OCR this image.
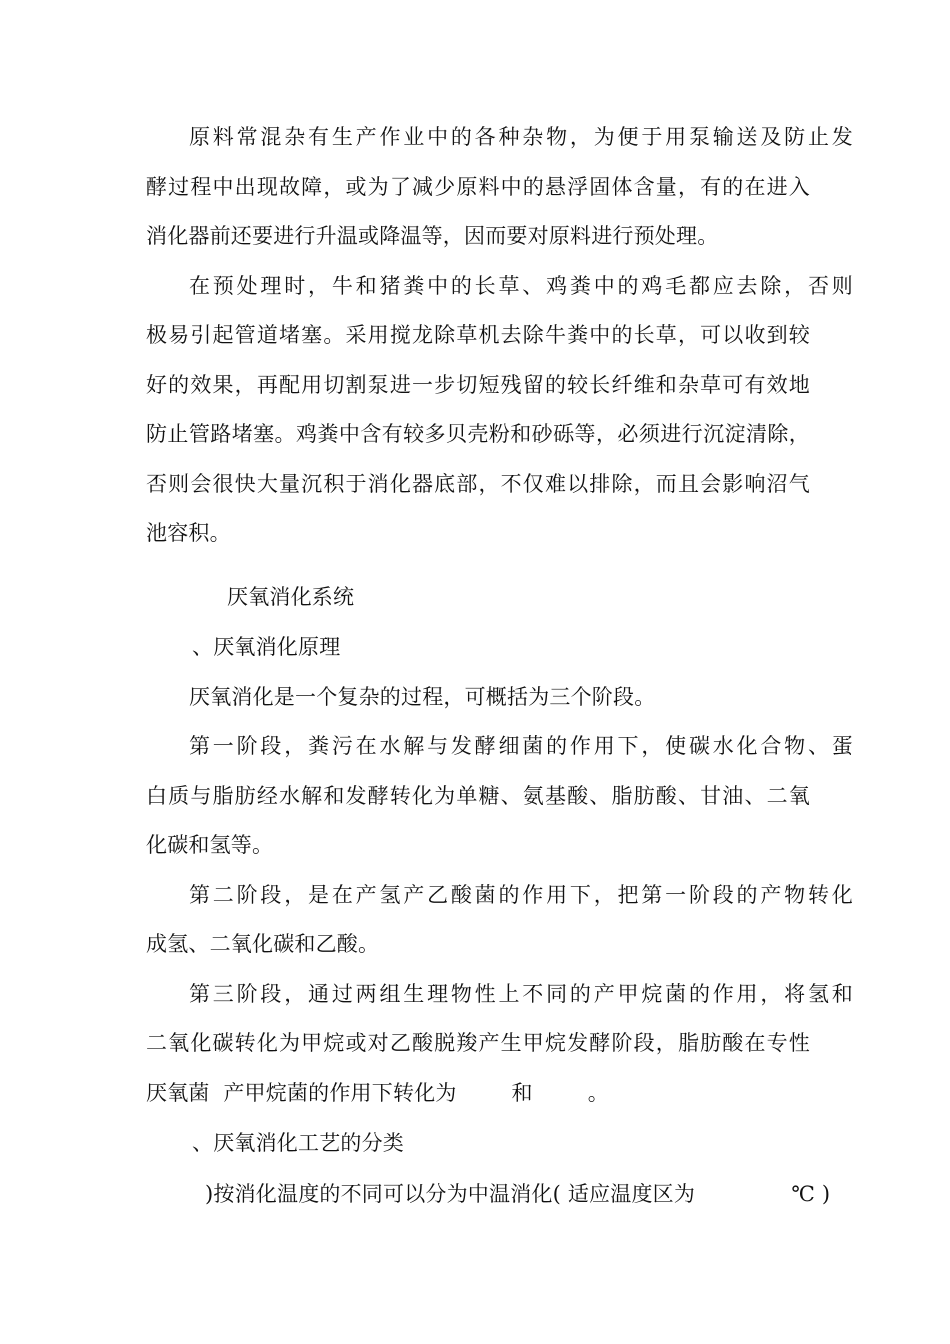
原料常混杂有生产作业中的各种杂物，为便于用泵输送及防止发
酵过程中出现故障，或为了减少原料中的悬浮固体含量，有的在进入
消化器前还要进行升温或降温等，因而要对原料进行预处理。
在预处理时，牛和猪粪中的长草、鸡粪中的鸡毛都应去除，否则
极易引起管道堵塞。采用搅龙除草机去除牛粪中的长草，可以收到较
好的效果，再配用切割泵进一步切短残留的较长纤维和杂草可有效地
防止管路堵塞。鸡粪中含有较多贝壳粉和砂砾等，必须进行沉淀清除，
否则会很快大量沉积于消化器底部，不仅难以排除，而且会影响沼气
池容积。
厌氧消化系统
、厌氧消化原理
厌氧消化是一个复杂的过程，可概括为三个阶段。
第一阶段，粪污在水解与发酵细菌的作用下，使碳水化合物、蛋
白质与脂肪经水解和发酵转化为单糖、氨基酸、脂肪酸、甘油、二氧
化碳和氢等。
第二阶段，是在产氢产乙酸菌的作用下，把第一阶段的产物转化
成氢、二氧化碳和乙酸。
第三阶段，通过两组生理物性上不同的产甲烷菌的作用，将氢和
二氧化碳转化为甲烷或对乙酸脱羧产生甲烷发酵阶段，脂肪酸在专性
厌氧菌  产甲烷菌的作用下转化为        和        。
、厌氧消化工艺的分类
)按消化温度的不同可以分为中温消化( 适应温度区为              ℃ )
